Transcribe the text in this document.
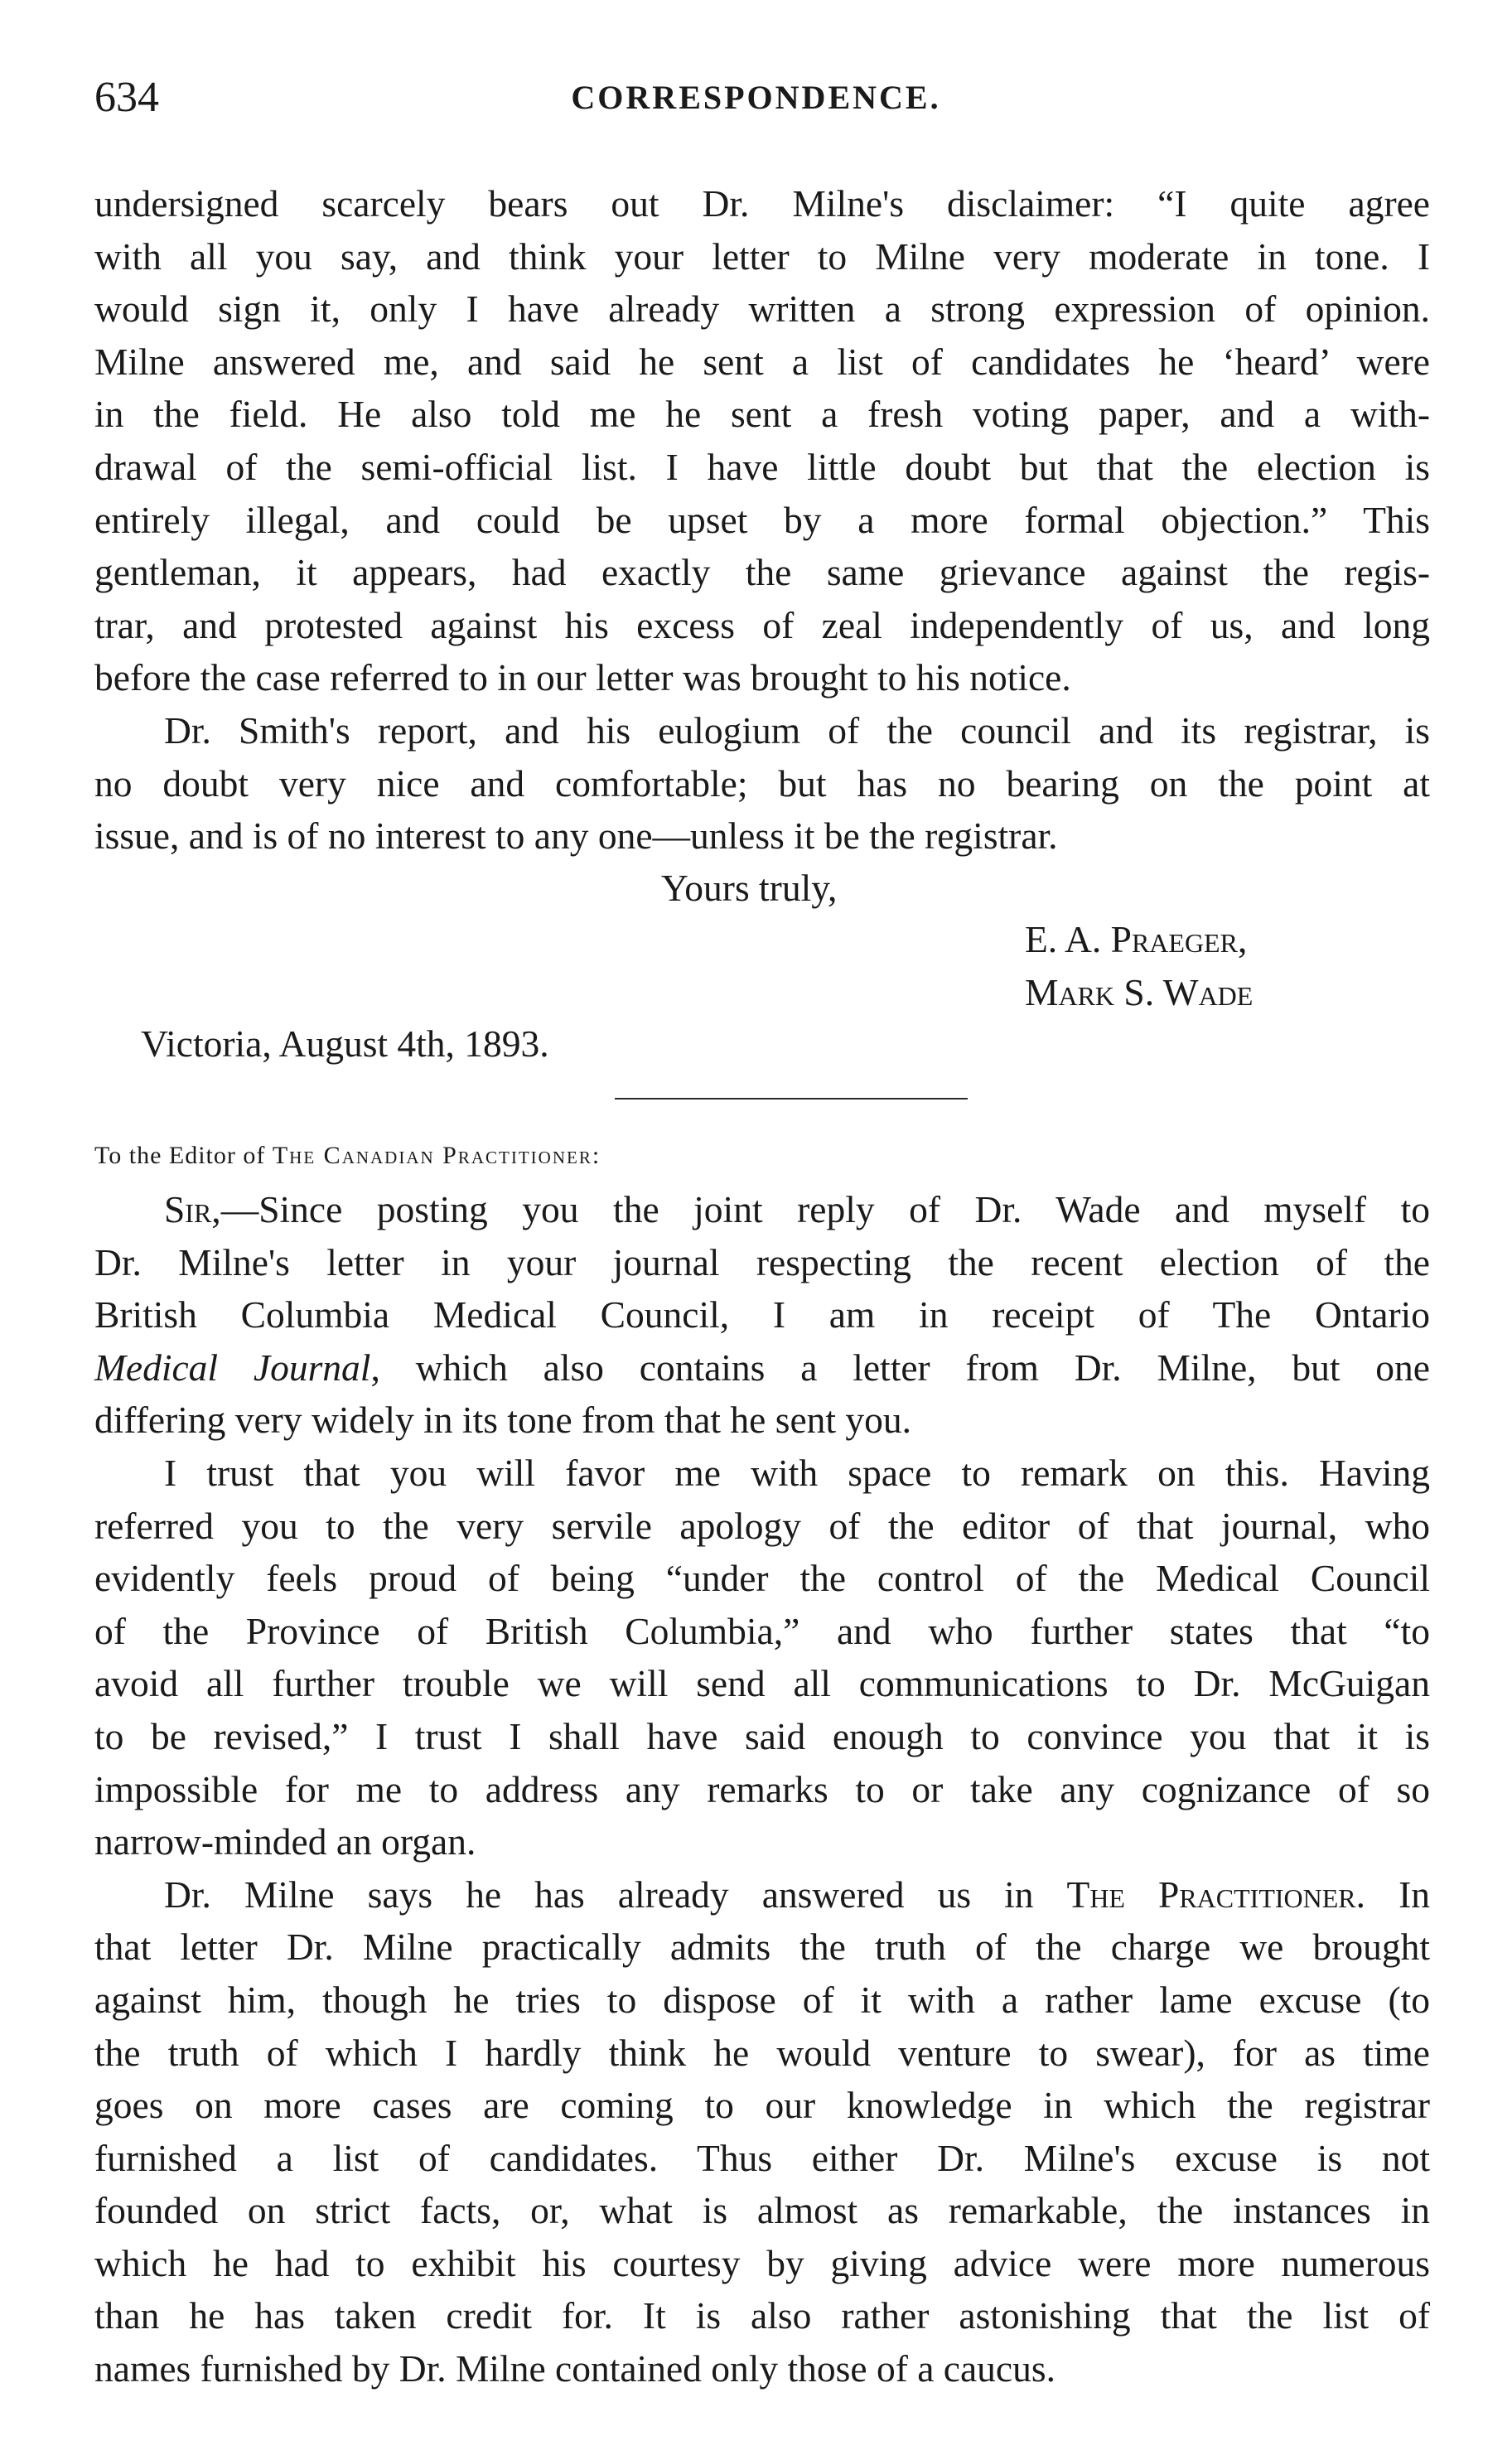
634	CORRESPONDENCE.
undersigned scarcely bears out Dr. Milne's disclaimer: “I quite agree
with all you say, and think your letter to Milne very moderate in tone. I
would sign it, only I have already written a strong expression of opinion.
Milne answered me, and said he sent a list of candidates he ‘heard’ were
in the field. He also told me he sent a fresh voting paper, and a with-
drawal of the semi-official list. I have little doubt but that the election is
entirely illegal, and could be upset by a more formal objection.” This
gentleman, it appears, had exactly the same grievance against the regis-
trar, and protested against his excess of zeal independently of us, and long
before the case referred to in our letter was brought to his notice.
Dr. Smith's report, and his eulogium of the council and its registrar, is
no doubt very nice and comfortable; but has no bearing on the point at
issue, and is of no interest to any one—unless it be the registrar.
Yours truly,
E. A. Praeger,
Mark S. Wade
Victoria, August 4th, 1893.
To the Editor of The Canadian Practitioner:
Sir,—Since posting you the joint reply of Dr. Wade and myself to
Dr. Milne's letter in your journal respecting the recent election of the
British Columbia Medical Council, I am in receipt of The Ontario
Medical Journal, which also contains a letter from Dr. Milne, but one
differing very widely in its tone from that he sent you.
I trust that you will favor me with space to remark on this. Having
referred you to the very servile apology of the editor of that journal, who
evidently feels proud of being “under the control of the Medical Council
of the Province of British Columbia,” and who further states that “to
avoid all further trouble we will send all communications to Dr. McGuigan
to be revised,” I trust I shall have said enough to convince you that it is
impossible for me to address any remarks to or take any cognizance of so
narrow-minded an organ.
Dr. Milne says he has already answered us in The Practitioner. In
that letter Dr. Milne practically admits the truth of the charge we brought
against him, though he tries to dispose of it with a rather lame excuse (to
the truth of which I hardly think he would venture to swear), for as time
goes on more cases are coming to our knowledge in which the registrar
furnished a list of candidates. Thus either Dr. Milne's excuse is not
founded on strict facts, or, what is almost as remarkable, the instances in
which he had to exhibit his courtesy by giving advice were more numerous
than he has taken credit for. It is also rather astonishing that the list of
names furnished by Dr. Milne contained only those of a caucus.
